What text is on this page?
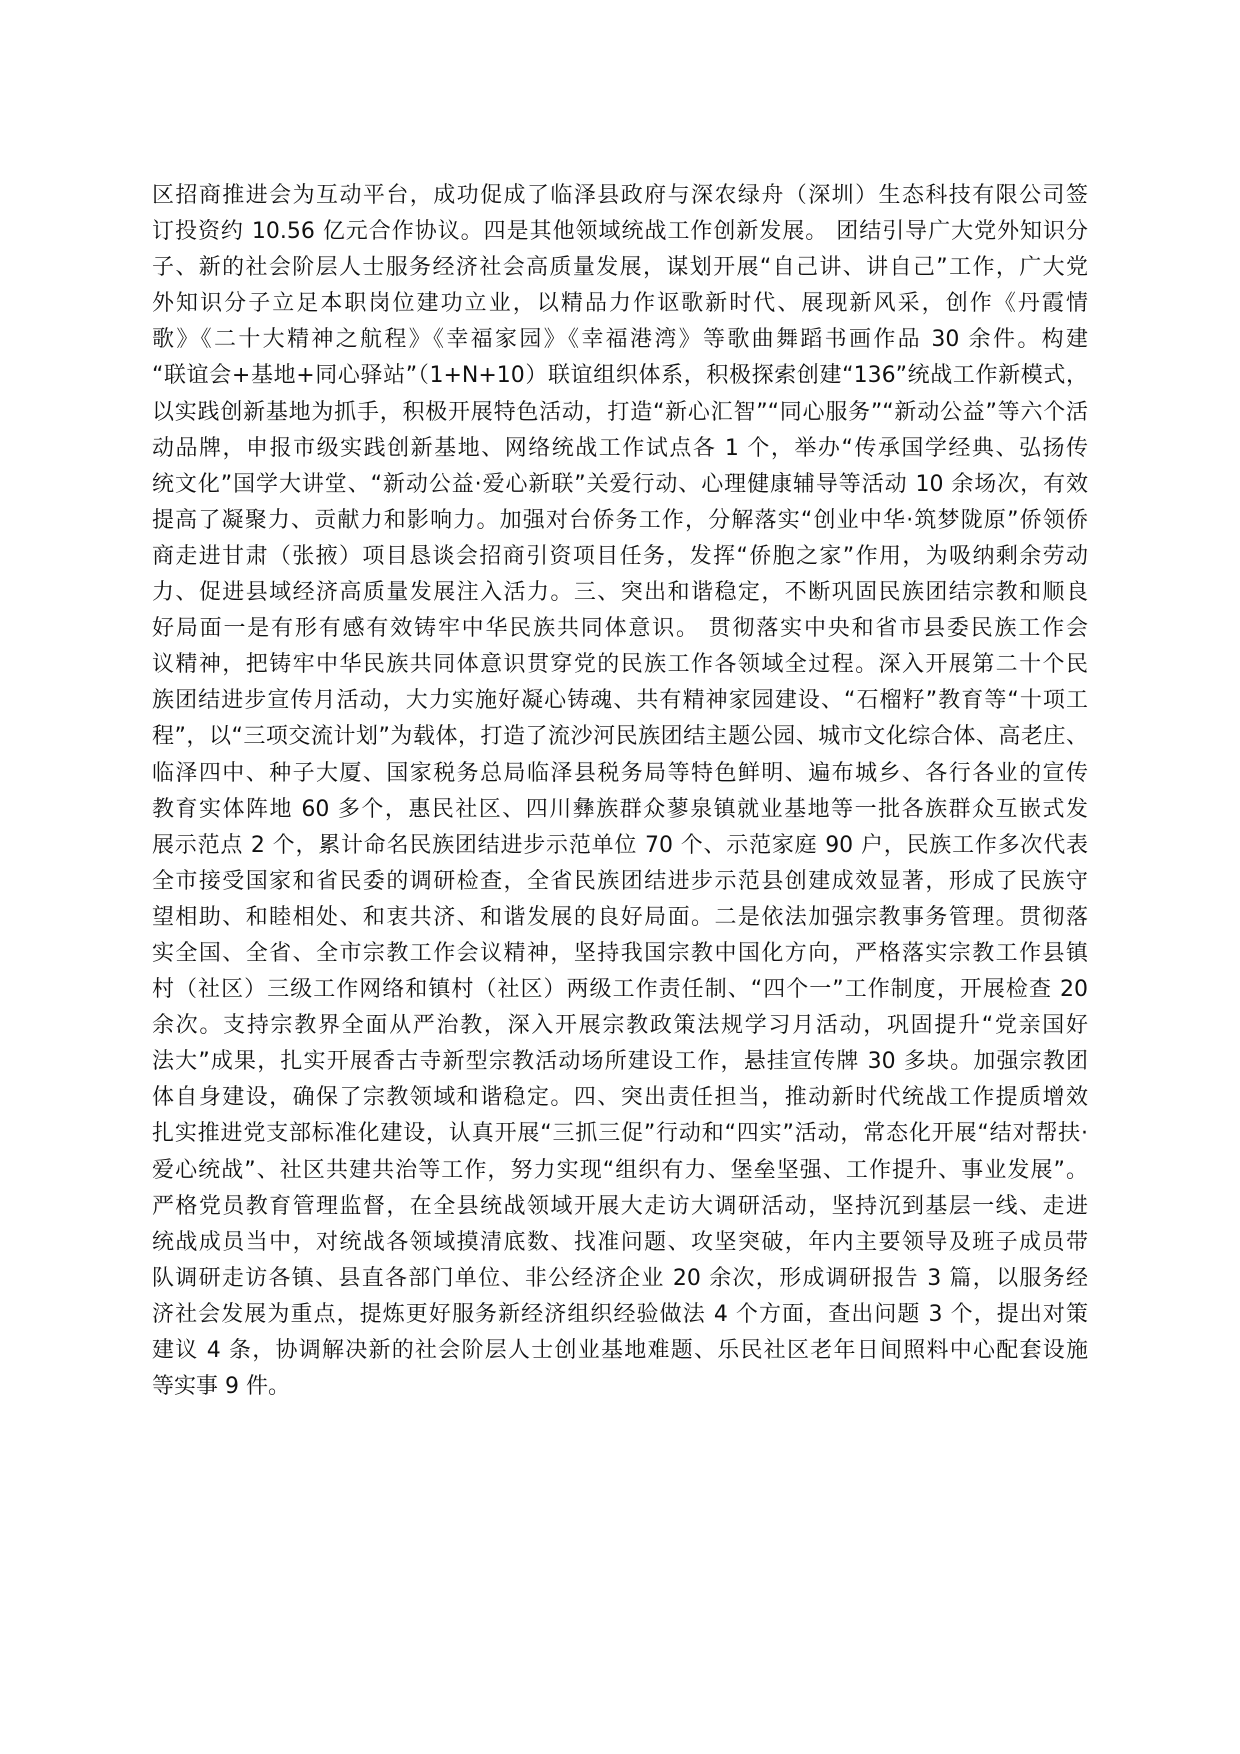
区招商推进会为互动平台，成功促成了临泽县政府与深农绿舟（深圳）生态科技有限公司签
订投资约 10.56 亿元合作协议。四是其他领域统战工作创新发展。 团结引导广大党外知识分
子、新的社会阶层人士服务经济社会高质量发展，谋划开展“自己讲、讲自己”工作，广大党
外知识分子立足本职岗位建功立业，以精品力作讴歌新时代、展现新风采，创作《丹霞情
歌》《二十大精神之航程》《幸福家园》《幸福港湾》等歌曲舞蹈书画作品 30 余件。构建
“联谊会+基地+同心驿站”（1+N+10）联谊组织体系，积极探索创建“136”统战工作新模式，
以实践创新基地为抓手，积极开展特色活动，打造“新心汇智”“同心服务”“新动公益”等六个活
动品牌，申报市级实践创新基地、网络统战工作试点各 1 个，举办“传承国学经典、弘扬传
统文化”国学大讲堂、“新动公益·爱心新联”关爱行动、心理健康辅导等活动 10 余场次，有效
提高了凝聚力、贡献力和影响力。加强对台侨务工作，分解落实“创业中华·筑梦陇原”侨领侨
商走进甘肃（张掖）项目恳谈会招商引资项目任务，发挥“侨胞之家”作用，为吸纳剩余劳动
力、促进县域经济高质量发展注入活力。三、突出和谐稳定，不断巩固民族团结宗教和顺良
好局面一是有形有感有效铸牢中华民族共同体意识。 贯彻落实中央和省市县委民族工作会
议精神，把铸牢中华民族共同体意识贯穿党的民族工作各领域全过程。深入开展第二十个民
族团结进步宣传月活动，大力实施好凝心铸魂、共有精神家园建设、“石榴籽”教育等“十项工
程”，以“三项交流计划”为载体，打造了流沙河民族团结主题公园、城市文化综合体、高老庄、
临泽四中、种子大厦、国家税务总局临泽县税务局等特色鲜明、遍布城乡、各行各业的宣传
教育实体阵地 60 多个，惠民社区、四川彝族群众蓼泉镇就业基地等一批各族群众互嵌式发
展示范点 2 个，累计命名民族团结进步示范单位 70 个、示范家庭 90 户，民族工作多次代表
全市接受国家和省民委的调研检查，全省民族团结进步示范县创建成效显著，形成了民族守
望相助、和睦相处、和衷共济、和谐发展的良好局面。二是依法加强宗教事务管理。贯彻落
实全国、全省、全市宗教工作会议精神，坚持我国宗教中国化方向，严格落实宗教工作县镇
村（社区）三级工作网络和镇村（社区）两级工作责任制、“四个一”工作制度，开展检查 20
余次。支持宗教界全面从严治教，深入开展宗教政策法规学习月活动，巩固提升“党亲国好
法大”成果，扎实开展香古寺新型宗教活动场所建设工作，悬挂宣传牌 30 多块。加强宗教团
体自身建设，确保了宗教领域和谐稳定。四、突出责任担当，推动新时代统战工作提质增效
扎实推进党支部标准化建设，认真开展“三抓三促”行动和“四实”活动，常态化开展“结对帮扶·
爱心统战”、社区共建共治等工作，努力实现“组织有力、堡垒坚强、工作提升、事业发展”。
严格党员教育管理监督，在全县统战领域开展大走访大调研活动，坚持沉到基层一线、走进
统战成员当中，对统战各领域摸清底数、找准问题、攻坚突破，年内主要领导及班子成员带
队调研走访各镇、县直各部门单位、非公经济企业 20 余次，形成调研报告 3 篇，以服务经
济社会发展为重点，提炼更好服务新经济组织经验做法 4 个方面，查出问题 3 个，提出对策
建议 4 条，协调解决新的社会阶层人士创业基地难题、乐民社区老年日间照料中心配套设施
等实事 9 件。
